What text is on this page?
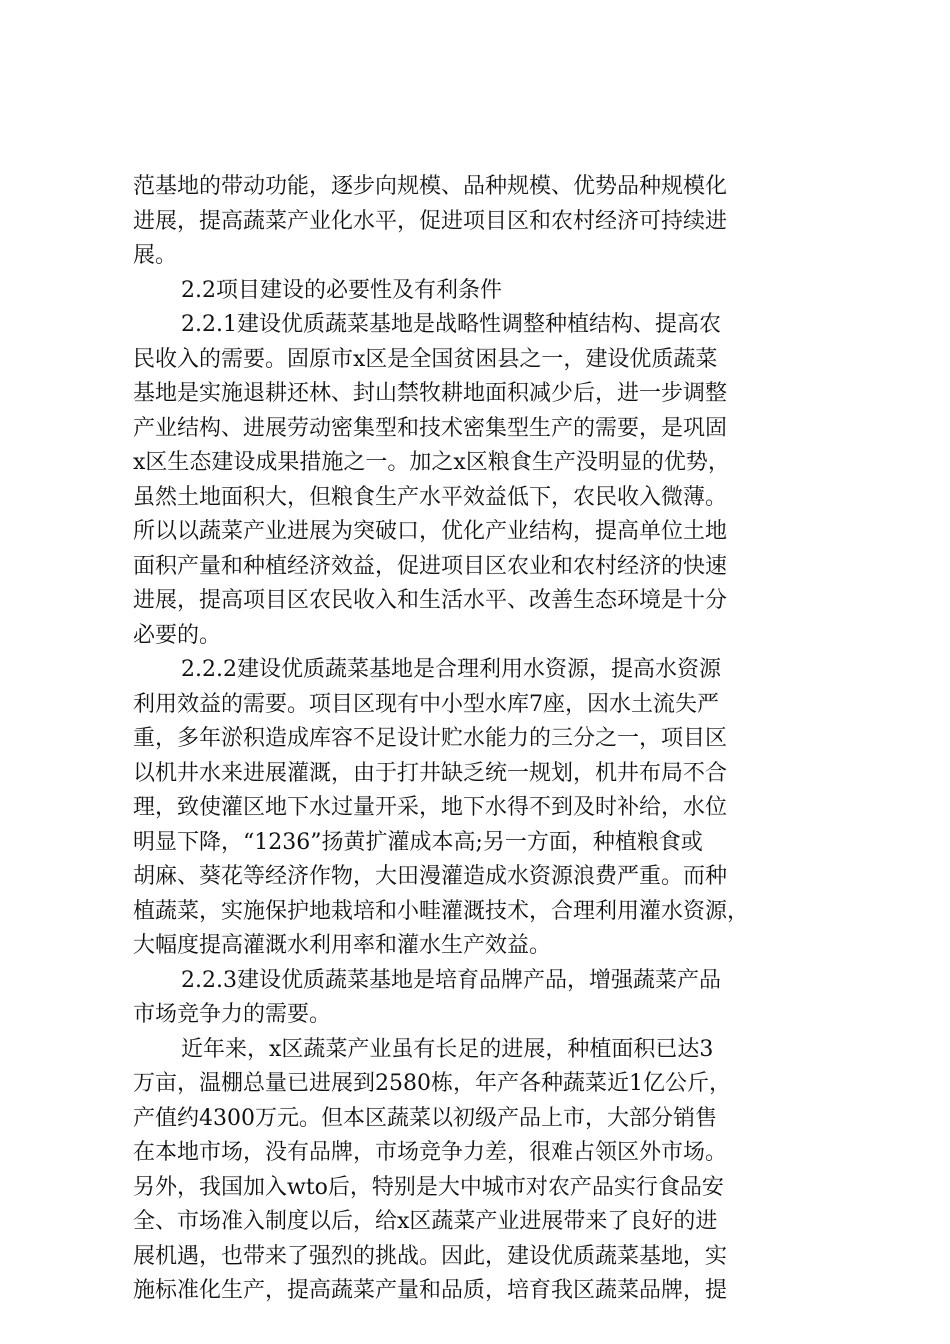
范基地的带动功能，逐步向规模、品种规模、优势品种规模化
进展，提高蔬菜产业化水平，促进项目区和农村经济可持续进
展。
2.2项目建设的必要性及有利条件
2.2.1建设优质蔬菜基地是战略性调整种植结构、提高农
民收入的需要。固原市x区是全国贫困县之一，建设优质蔬菜
基地是实施退耕还林、封山禁牧耕地面积减少后，进一步调整
产业结构、进展劳动密集型和技术密集型生产的需要，是巩固
x区生态建设成果措施之一。加之x区粮食生产没明显的优势，
虽然土地面积大，但粮食生产水平效益低下，农民收入微薄。
所以以蔬菜产业进展为突破口，优化产业结构，提高单位土地
面积产量和种植经济效益，促进项目区农业和农村经济的快速
进展，提高项目区农民收入和生活水平、改善生态环境是十分
必要的。
2.2.2建设优质蔬菜基地是合理利用水资源，提高水资源
利用效益的需要。项目区现有中小型水库7座，因水土流失严
重，多年淤积造成库容不足设计贮水能力的三分之一，项目区
以机井水来进展灌溉，由于打井缺乏统一规划，机井布局不合
理，致使灌区地下水过量开采，地下水得不到及时补给，水位
明显下降，“1236”扬黄扩灌成本高;另一方面，种植粮食或
胡麻、葵花等经济作物，大田漫灌造成水资源浪费严重。而种
植蔬菜，实施保护地栽培和小畦灌溉技术，合理利用灌水资源，
大幅度提高灌溉水利用率和灌水生产效益。
2.2.3建设优质蔬菜基地是培育品牌产品，增强蔬菜产品
市场竞争力的需要。
近年来，x区蔬菜产业虽有长足的进展，种植面积已达3
万亩，温棚总量已进展到2580栋，年产各种蔬菜近1亿公斤，
产值约4300万元。但本区蔬菜以初级产品上市，大部分销售
在本地市场，没有品牌，市场竞争力差，很难占领区外市场。
另外，我国加入wto后，特别是大中城市对农产品实行食品安
全、市场准入制度以后，给x区蔬菜产业进展带来了良好的进
展机遇，也带来了强烈的挑战。因此，建设优质蔬菜基地，实
施标准化生产，提高蔬菜产量和品质，培育我区蔬菜品牌，提
